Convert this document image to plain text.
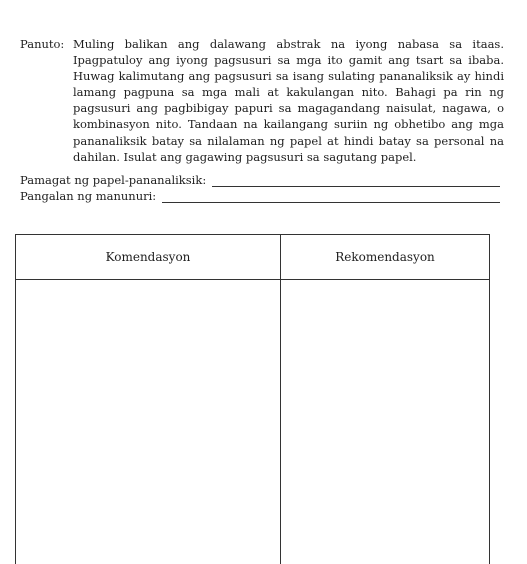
Panuto: Muling balikan ang dalawang abstrak na iyong nabasa sa itaas. Ipagpatuloy ang iyong pagsusuri sa mga ito gamit ang tsart sa ibaba. Huwag kalimutang ang pagsusuri sa isang sulating pananaliksik ay hindi lamang pagpuna sa mga mali at kakulangan nito. Bahagi pa rin ng pagsusuri ang pagbibigay papuri sa magagandang naisulat, nagawa, o kombinasyon nito. Tandaan na kailangang suriin ng obhetibo ang mga pananaliksik batay sa nilalaman ng papel at hindi batay sa personal na dahilan. Isulat ang gagawing pagsusuri sa sagutang papel.
Pamagat ng papel-pananaliksik:
Pangalan ng manunuri:
Komendasyon	Rekomendasyon
